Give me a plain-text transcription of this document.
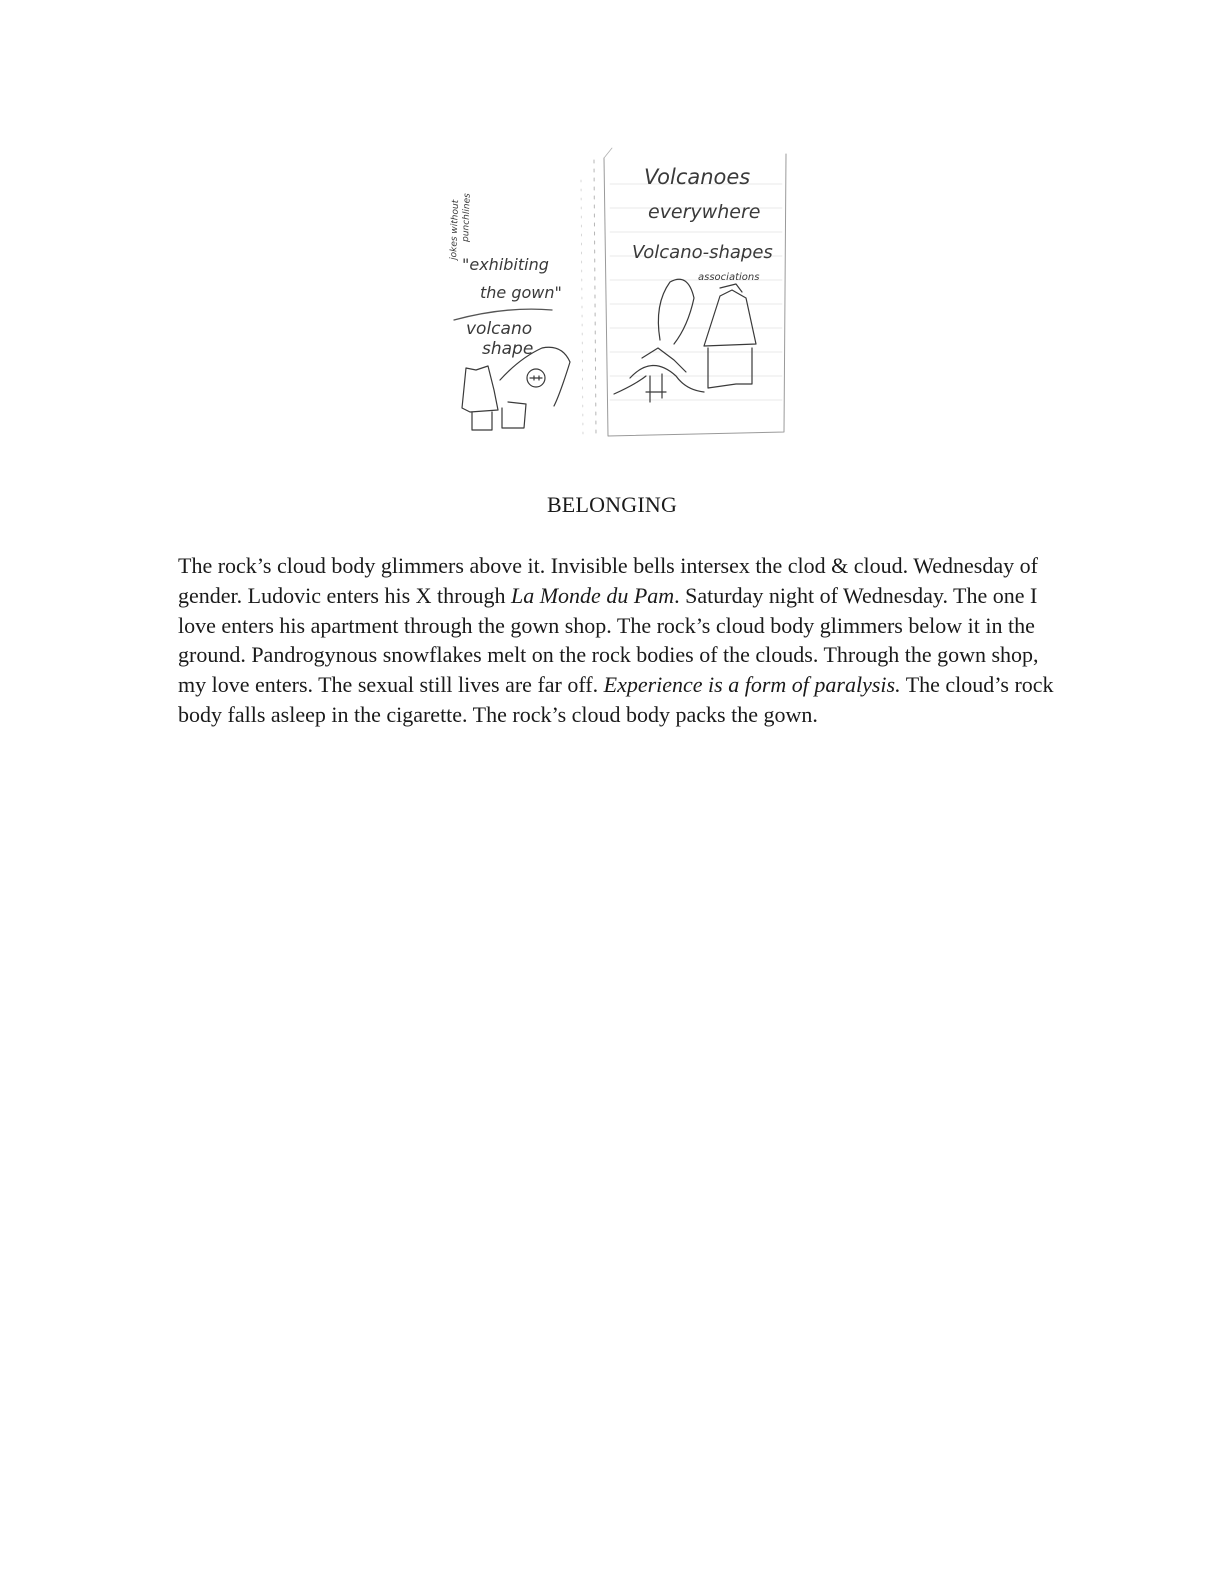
Volcanoes
everywhere
Volcano-shapes
associations
"exhibiting
the gown"
volcano
shape
jokes without punchlines
BELONGING

The rock’s cloud body glimmers above it. Invisible bells intersex the clod & cloud. Wednesday of gender. Ludovic enters his X through La Monde du Pam. Saturday night of Wednesday. The one I love enters his apartment through the gown shop. The rock’s cloud body glimmers below it in the ground. Pandrogynous snowflakes melt on the rock bodies of the clouds. Through the gown shop, my love enters. The sexual still lives are far off. Experience is a form of paralysis. The cloud’s rock body falls asleep in the cigarette. The rock’s cloud body packs the gown.
